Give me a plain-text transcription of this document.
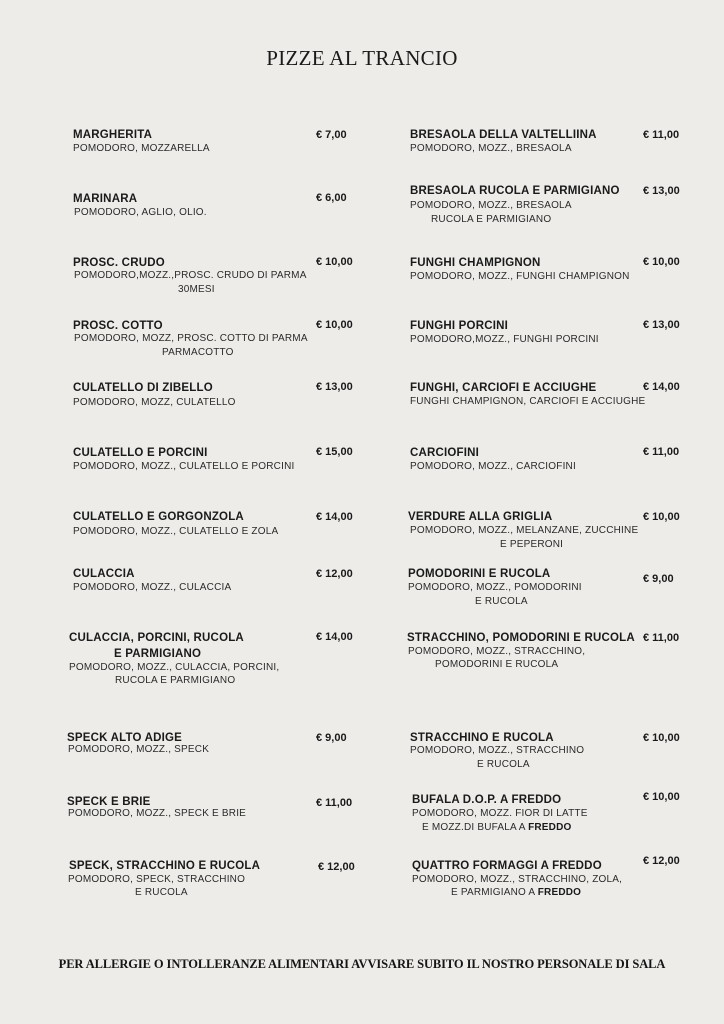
PIZZE AL TRANCIO
MARGHERITA
POMODORO, MOZZARELLA
€ 7,00
MARINARA
POMODORO, AGLIO, OLIO.
€ 6,00
PROSC. CRUDO
POMODORO,MOZZ.,PROSC. CRUDO DI PARMA
30MESI
€ 10,00
PROSC. COTTO
POMODORO, MOZZ, PROSC. COTTO DI PARMA
PARMACOTTO
€ 10,00
CULATELLO DI ZIBELLO
POMODORO, MOZZ, CULATELLO
€ 13,00
CULATELLO E PORCINI
POMODORO, MOZZ., CULATELLO E PORCINI
€ 15,00
CULATELLO E GORGONZOLA
POMODORO, MOZZ., CULATELLO E ZOLA
€ 14,00
CULACCIA
POMODORO, MOZZ., CULACCIA
€ 12,00
CULACCIA, PORCINI, RUCOLA
E PARMIGIANO
POMODORO, MOZZ., CULACCIA, PORCINI,
RUCOLA E PARMIGIANO
€ 14,00
SPECK ALTO ADIGE
POMODORO, MOZZ., SPECK
€ 9,00
SPECK E BRIE
POMODORO, MOZZ., SPECK E BRIE
€ 11,00
SPECK, STRACCHINO E RUCOLA
POMODORO, SPECK, STRACCHINO
E RUCOLA
€ 12,00
BRESAOLA DELLA VALTELLIINA
POMODORO, MOZZ., BRESAOLA
€ 11,00
BRESAOLA RUCOLA E PARMIGIANO
POMODORO, MOZZ., BRESAOLA
RUCOLA E PARMIGIANO
€ 13,00
FUNGHI CHAMPIGNON
POMODORO, MOZZ., FUNGHI CHAMPIGNON
€ 10,00
FUNGHI PORCINI
POMODORO,MOZZ., FUNGHI PORCINI
€ 13,00
FUNGHI, CARCIOFI E ACCIUGHE
FUNGHI CHAMPIGNON, CARCIOFI E ACCIUGHE
€ 14,00
CARCIOFINI
POMODORO, MOZZ., CARCIOFINI
€ 11,00
VERDURE ALLA GRIGLIA
POMODORO, MOZZ., MELANZANE, ZUCCHINE
E PEPERONI
€ 10,00
POMODORINI E RUCOLA
POMODORO, MOZZ., POMODORINI
E RUCOLA
€ 9,00
STRACCHINO, POMODORINI E RUCOLA
POMODORO, MOZZ., STRACCHINO,
POMODORINI E RUCOLA
€ 11,00
STRACCHINO E RUCOLA
POMODORO, MOZZ., STRACCHINO
E RUCOLA
€ 10,00
BUFALA D.O.P. A FREDDO
POMODORO, MOZZ. FIOR DI LATTE
E MOZZ.DI BUFALA A FREDDO
€ 10,00
QUATTRO FORMAGGI A FREDDO
POMODORO, MOZZ., STRACCHINO, ZOLA,
E PARMIGIANO A FREDDO
€ 12,00
PER ALLERGIE O INTOLLERANZE ALIMENTARI AVVISARE SUBITO IL NOSTRO PERSONALE DI SALA
